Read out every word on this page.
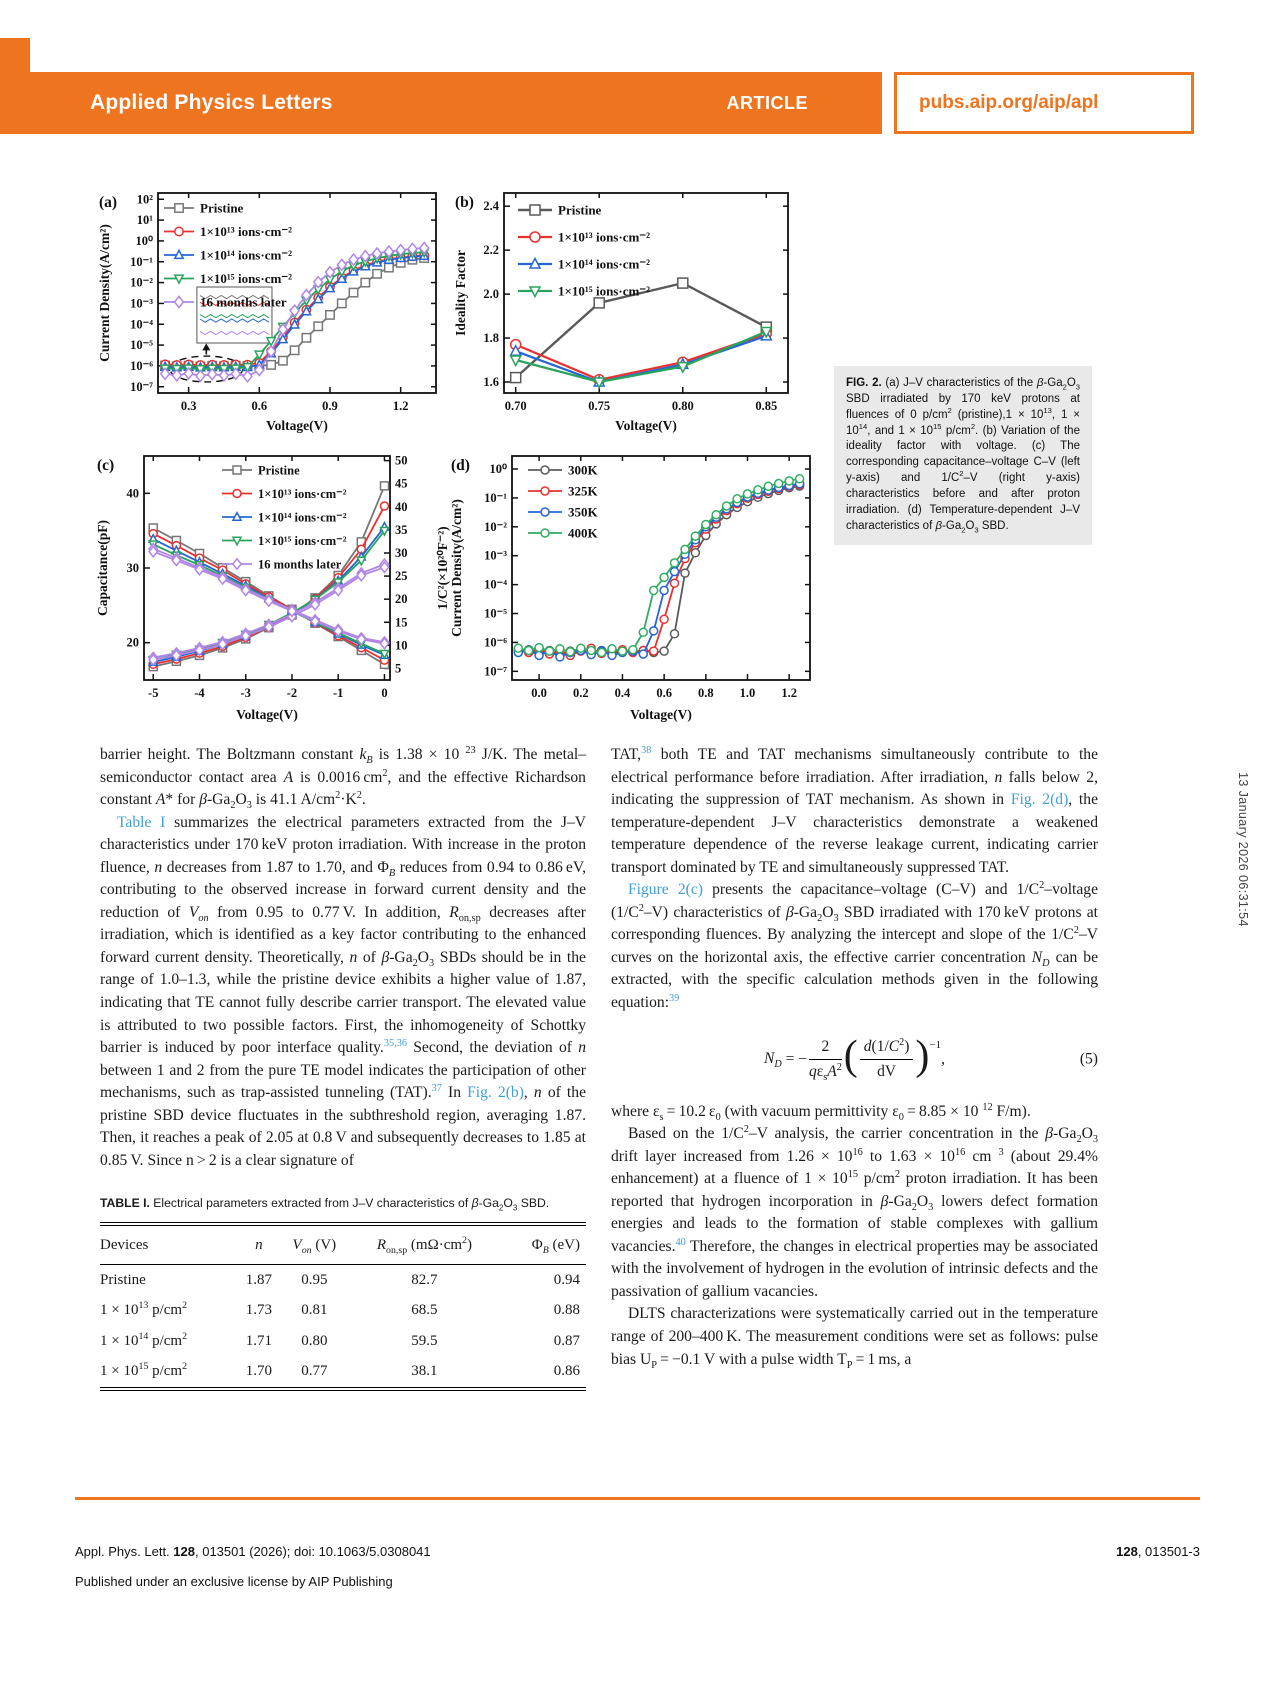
Applied Physics Letters	ARTICLE	pubs.aip.org/aip/apl
0.3	0.6	0.9	1.2
10²
10¹
10⁰
10⁻¹
10⁻²
10⁻³
10⁻⁴
10⁻⁵
10⁻⁶
10⁻⁷
Voltage(V)
Current Density(A/cm²)
Pristine
1×10¹³ ions·cm⁻²
1×10¹⁴ ions·cm⁻²
1×10¹⁵ ions·cm⁻²
16 months later
(a)
0.70	0.75	0.80	0.85
1.6
1.8
2.0
2.2
2.4
Voltage(V)
Ideality Factor
Pristine
1×10¹³ ions·cm⁻²
1×10¹⁴ ions·cm⁻²
1×10¹⁵ ions·cm⁻²
(b)
-5	-4	-3	-2	-1	0
20
30
40
5
10
15
20
25
30
35
40
45
50
Voltage(V)
Capacitance(pF)	1/C²(×10²⁰F⁻²)
Pristine
1×10¹³ ions·cm⁻²
1×10¹⁴ ions·cm⁻²
1×10¹⁵ ions·cm⁻²
16 months later
(c)
0.0 0.2 0.4 0.6 0.8 1.0 1.2
10⁰
10⁻¹
10⁻²
10⁻³
10⁻⁴
10⁻⁵
10⁻⁶
10⁻⁷
Voltage(V)
Current Density(A/cm²)
300K
325K
350K
400K
(d)
FIG. 2. (a) J–V characteristics of the $\beta-Ga_2O_3$ SBD irradiated by 170 keV protons at fluences of 0 $p/cm^2$ (pristine),1 × $10^{13}$, $1 \times 10^{14}$, and $1 \times 10^{15}$ $p/cm^2$. (b) Variation of the ideality factor with voltage. (c) The corresponding capacitance–voltage C–V (left y-axis) and $1/C^2-V$ (right y-axis) characteristics before and after proton irradiation. (d) Temperature-dependent J–V characteristics of $\beta-Ga_2O_3$ SBD.

barrier height. The Boltzmann constant $k_B$ is 1.38 × 10 $^{23}$ J/K. The metal–semiconductor contact area A is 0.0016 $cm^2$, and the effective Richardson constant A* for $\beta-Ga_2O_3$ is 41.1 $A/cm^2\cdot K^2$.

Table I summarizes the electrical parameters extracted from the J–V characteristics under 170 keV proton irradiation. With increase in the proton fluence, n decreases from 1.87 to 1.70, and $\Phi_B$ reduces from 0.94 to 0.86 eV, contributing to the observed increase in forward current density and the reduction of $V_{on}$ from 0.95 to 0.77 V. In addition, $R_{on,sp}$ decreases after irradiation, which is identified as a key factor contributing to the enhanced forward current density. Theoretically, n of $\beta-Ga_2O_3$ SBDs should be in the range of 1.0–1.3, while the pristine device exhibits a higher value of 1.87, indicating that TE cannot fully describe carrier transport. The elevated value is attributed to two possible factors. First, the inhomogeneity of Schottky barrier is induced by poor interface quality.$^{35,36}$ Second, the deviation of n between 1 and 2 from the pure TE model indicates the participation of other mechanisms, such as trap-assisted tunneling (TAT).$^{37}$ In Fig. 2(b), n of the pristine SBD device fluctuates in the subthreshold region, averaging 1.87. Then, it reaches a peak of 2.05 at 0.8 V and subsequently decreases to 1.85 at 0.85 V. Since n > 2 is a clear signature of

TABLE I. Electrical parameters extracted from J–V characteristics of $\beta-Ga_2O_3$ SBD.
Devices	n	$V_{on}$ (V)	$R_{on,sp}$ $(m\Omega\cdot cm^2)$	$\Phi_B$ (eV)
Pristine	1.87	0.95	82.7	0.94
$1 \times 10^{13}$ $p/cm^2$	1.73	0.81	68.5	0.88
$1 \times 10^{14}$ $p/cm^2$	1.71	0.80	59.5	0.87
$1 \times 10^{15}$ $p/cm^2$	1.70	0.77	38.1	0.86

TAT,$^{38}$ both TE and TAT mechanisms simultaneously contribute to the electrical performance before irradiation. After irradiation, n falls below 2, indicating the suppression of TAT mechanism. As shown in Fig. 2(d), the temperature-dependent J–V characteristics demonstrate a weakened temperature dependence of the reverse leakage current, indicating carrier transport dominated by TE and simultaneously suppressed TAT.

Figure 2(c) presents the capacitance–voltage (C–V) and $1/C^2$–voltage $(1/C^2-V)$ characteristics of $\beta-Ga_2O_3$ SBD irradiated with 170 keV protons at corresponding fluences. By analyzing the intercept and slope of the $1/C^2-V$ curves on the horizontal axis, the effective carrier concentration $N_D$ can be extracted, with the specific calculation methods given in the following equation:$^{39}$

$N_D$ = − $\frac{2}{q\varepsilon_sA^2}$ ( $\frac{d(1/C^2)}{dV} )^{-1}$,	(5)

where $\varepsilon_s = 10.2$ $\varepsilon_0$ (with vacuum permittivity $\varepsilon_0 = 8.85 \times 10$ $^{12}$ F/m).

Based on the $1/C^2-V$ analysis, the carrier concentration in the $\beta-Ga_2O_3$ drift layer increased from $1.26 \times 10^{16}$ to $1.63 \times 10^{16}$ cm $^3$ (about 29.4% enhancement) at a fluence of $1 \times 10^{15}$ $p/cm^2$ proton irradiation. It has been reported that hydrogen incorporation in $\beta-Ga_2O_3$ lowers defect formation energies and leads to the formation of stable complexes with gallium vacancies.$^{40}$ Therefore, the changes in electrical properties may be associated with the involvement of hydrogen in the evolution of intrinsic defects and the passivation of gallium vacancies.

DLTS characterizations were systematically carried out in the temperature range of 200–400 K. The measurement conditions were set as follows: pulse bias $U_P = -0.1$ V with a pulse width $T_P = 1$ ms, a

Appl. Phys. Lett. 128, 013501 (2026); doi: 10.1063/5.0308041	128, 013501-3
Published under an exclusive license by AIP Publishing
13 January 2026 06:31:54
